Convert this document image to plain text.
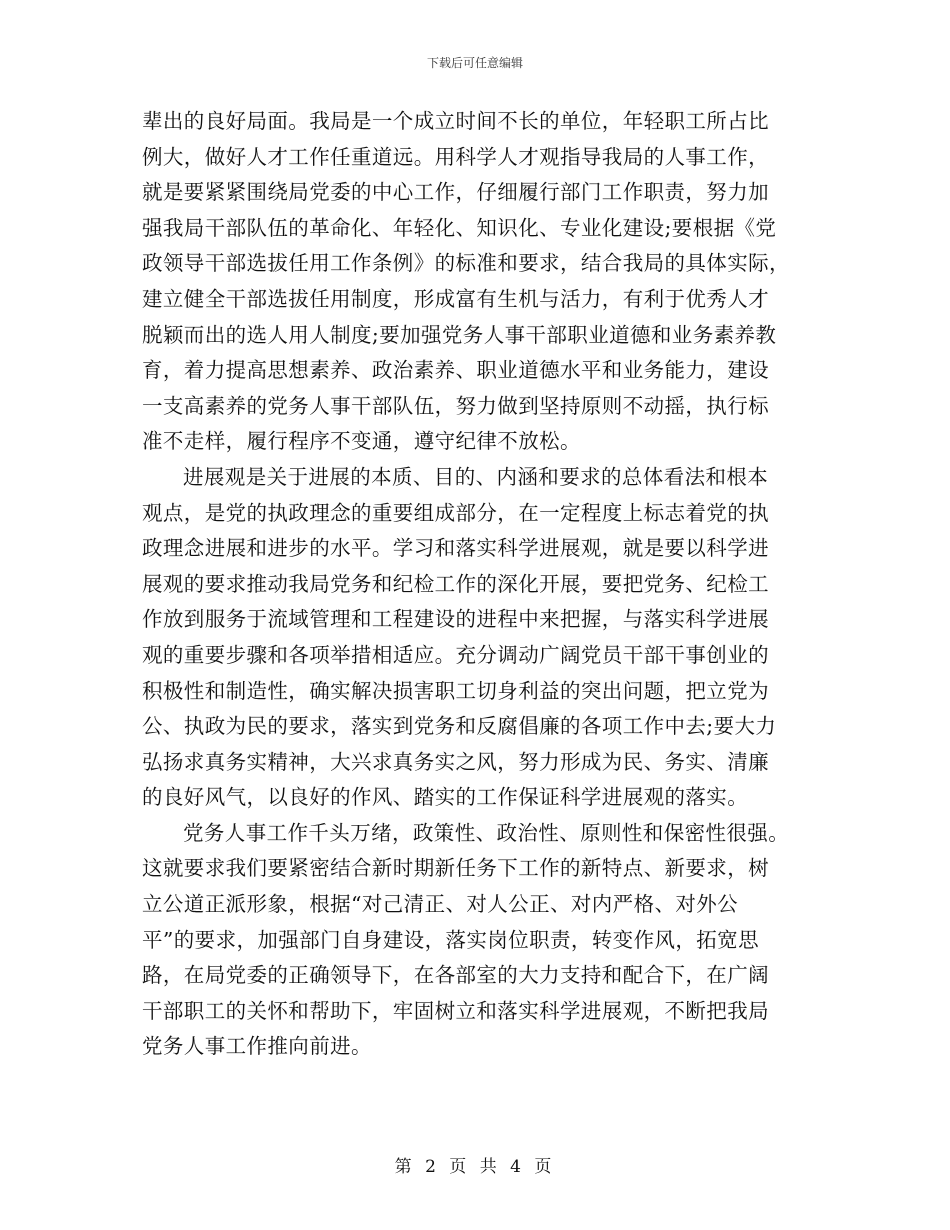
下载后可任意编辑
辈出的良好局面。我局是一个成立时间不长的单位，年轻职工所占比
例大，做好人才工作任重道远。用科学人才观指导我局的人事工作，
就是要紧紧围绕局党委的中心工作，仔细履行部门工作职责，努力加
强我局干部队伍的革命化、年轻化、知识化、专业化建设;要根据《党
政领导干部选拔任用工作条例》的标准和要求，结合我局的具体实际，
建立健全干部选拔任用制度，形成富有生机与活力，有利于优秀人才
脱颖而出的选人用人制度;要加强党务人事干部职业道德和业务素养教
育，着力提高思想素养、政治素养、职业道德水平和业务能力，建设
一支高素养的党务人事干部队伍，努力做到坚持原则不动摇，执行标
准不走样，履行程序不变通，遵守纪律不放松。
进展观是关于进展的本质、目的、内涵和要求的总体看法和根本
观点，是党的执政理念的重要组成部分，在一定程度上标志着党的执
政理念进展和进步的水平。学习和落实科学进展观，就是要以科学进
展观的要求推动我局党务和纪检工作的深化开展，要把党务、纪检工
作放到服务于流域管理和工程建设的进程中来把握，与落实科学进展
观的重要步骤和各项举措相适应。充分调动广阔党员干部干事创业的
积极性和制造性，确实解决损害职工切身利益的突出问题，把立党为
公、执政为民的要求，落实到党务和反腐倡廉的各项工作中去;要大力
弘扬求真务实精神，大兴求真务实之风，努力形成为民、务实、清廉
的良好风气，以良好的作风、踏实的工作保证科学进展观的落实。
党务人事工作千头万绪，政策性、政治性、原则性和保密性很强。
这就要求我们要紧密结合新时期新任务下工作的新特点、新要求，树
立公道正派形象，根据“对己清正、对人公正、对内严格、对外公
平”的要求，加强部门自身建设，落实岗位职责，转变作风，拓宽思
路，在局党委的正确领导下，在各部室的大力支持和配合下，在广阔
干部职工的关怀和帮助下，牢固树立和落实科学进展观，不断把我局
党务人事工作推向前进。
第 2 页 共 4 页
